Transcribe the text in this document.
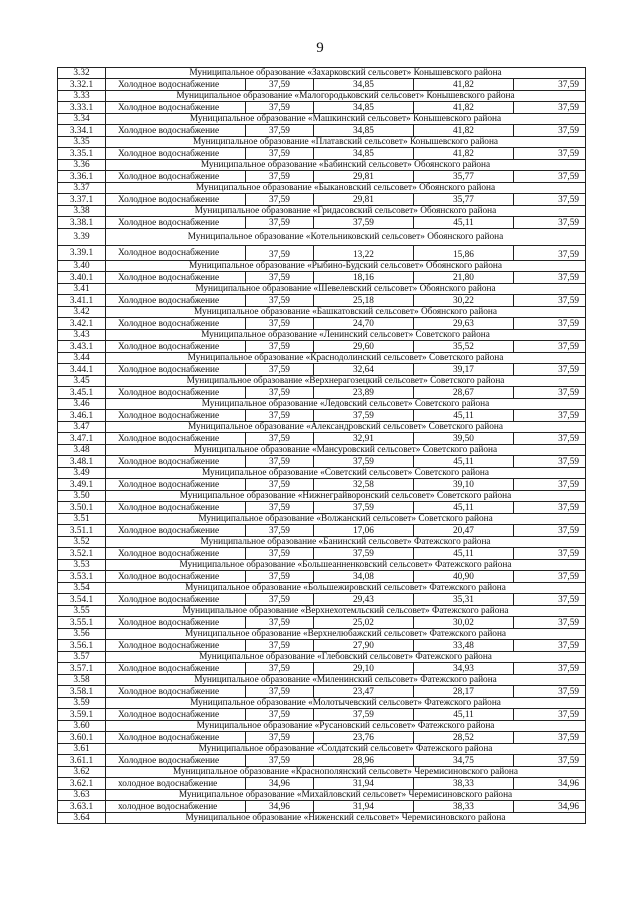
9
3.32	Муниципальное образование «Захарковский сельсовет» Конышевского района				
3.32.1	Холодное водоснабжение	37,59	34,85	41,82	37,59
3.33	Муниципальное образование «Малогородьковский сельсовет» Конышевского района				
3.33.1	Холодное водоснабжение	37,59	34,85	41,82	37,59
3.34	Муниципальное образование «Машкинский сельсовет» Конышевского района				
3.34.1	Холодное водоснабжение	37,59	34,85	41,82	37,59
3.35	Муниципальное образование «Платавский сельсовет» Конышевского района				
3.35.1	Холодное водоснабжение	37,59	34,85	41,82	37,59
3.36	Муниципальное образование «Бабинский сельсовет» Обоянского района				
3.36.1	Холодное водоснабжение	37,59	29,81	35,77	37,59
3.37	Муниципальное образование «Быкановский сельсовет» Обоянского района				
3.37.1	Холодное водоснабжение	37,59	29,81	35,77	37,59
3.38	Муниципальное образование «Гридасовский сельсовет» Обоянского района				
3.38.1	Холодное водоснабжение	37,59	37,59	45,11	37,59
3.39	Муниципальное образование «Котельниковский сельсовет» Обоянского района				
3.39.1	Холодное водоснабжение	37,59	13,22	15,86	37,59
3.40	Муниципальное образование «Рыбино-Будский сельсовет» Обоянского района				
3.40.1	Холодное водоснабжение	37,59	18,16	21,80	37,59
3.41	Муниципальное образование «Шевелевский сельсовет» Обоянского района				
3.41.1	Холодное водоснабжение	37,59	25,18	30,22	37,59
3.42	Муниципальное образование «Башкатовский сельсовет» Обоянского района				
3.42.1	Холодное водоснабжение	37,59	24,70	29,63	37,59
3.43	Муниципальное образование «Ленинский сельсовет» Советского района				
3.43.1	Холодное водоснабжение	37,59	29,60	35,52	37,59
3.44	Муниципальное образование «Краснодолинский сельсовет» Советского района				
3.44.1	Холодное водоснабжение	37,59	32,64	39,17	37,59
3.45	Муниципальное образование «Верхнерагозецкий сельсовет» Советского района				
3.45.1	Холодное водоснабжение	37,59	23,89	28,67	37,59
3.46	Муниципальное образование «Ледовский сельсовет» Советского района				
3.46.1	Холодное водоснабжение	37,59	37,59	45,11	37,59
3.47	Муниципальное образование «Александровский сельсовет» Советского района				
3.47.1	Холодное водоснабжение	37,59	32,91	39,50	37,59
3.48	Муниципальное образование «Мансуровский сельсовет» Советского района				
3.48.1	Холодное водоснабжение	37,59	37,59	45,11	37,59
3.49	Муниципальное образование «Советский сельсовет» Советского района				
3.49.1	Холодное водоснабжение	37,59	32,58	39,10	37,59
3.50	Муниципальное образование «Нижнеграйворонский сельсовет» Советского района				
3.50.1	Холодное водоснабжение	37,59	37,59	45,11	37,59
3.51	Муниципальное образование «Волжанский сельсовет» Советского района				
3.51.1	Холодное водоснабжение	37,59	17,06	20,47	37,59
3.52	Муниципальное образование «Банинский сельсовет» Фатежского района				
3.52.1	Холодное водоснабжение	37,59	37,59	45,11	37,59
3.53	Муниципальное образование «Большеанненковский сельсовет» Фатежского района				
3.53.1	Холодное водоснабжение	37,59	34,08	40,90	37,59
3.54	Муниципальное образование «Большежировский сельсовет» Фатежского района				
3.54.1	Холодное водоснабжение	37,59	29,43	35,31	37,59
3.55	Муниципальное образование «Верхнехотемльский сельсовет» Фатежского района				
3.55.1	Холодное водоснабжение	37,59	25,02	30,02	37,59
3.56	Муниципальное образование «Верхнелюбажский сельсовет» Фатежского района				
3.56.1	Холодное водоснабжение	37,59	27,90	33,48	37,59
3.57	Муниципальное образование «Глебовский сельсовет» Фатежского района				
3.57.1	Холодное водоснабжение	37,59	29,10	34,93	37,59
3.58	Муниципальное образование «Миленинский сельсовет» Фатежского района				
3.58.1	Холодное водоснабжение	37,59	23,47	28,17	37,59
3.59	Муниципальное образование «Молотычевский сельсовет» Фатежского района				
3.59.1	Холодное водоснабжение	37,59	37,59	45,11	37,59
3.60	Муниципальное образование «Русановский сельсовет» Фатежского района				
3.60.1	Холодное водоснабжение	37,59	23,76	28,52	37,59
3.61	Муниципальное образование «Солдатский сельсовет» Фатежского района				
3.61.1	Холодное водоснабжение	37,59	28,96	34,75	37,59
3.62	Муниципальное образование «Краснополянский сельсовет» Черемисиновского района				
3.62.1	холодное водоснабжение	34,96	31,94	38,33	34,96
3.63	Муниципальное образование «Михайловский сельсовет» Черемисиновского района				
3.63.1	холодное водоснабжение	34,96	31,94	38,33	34,96
3.64	Муниципальное образование «Ниженский сельсовет» Черемисиновского района				
